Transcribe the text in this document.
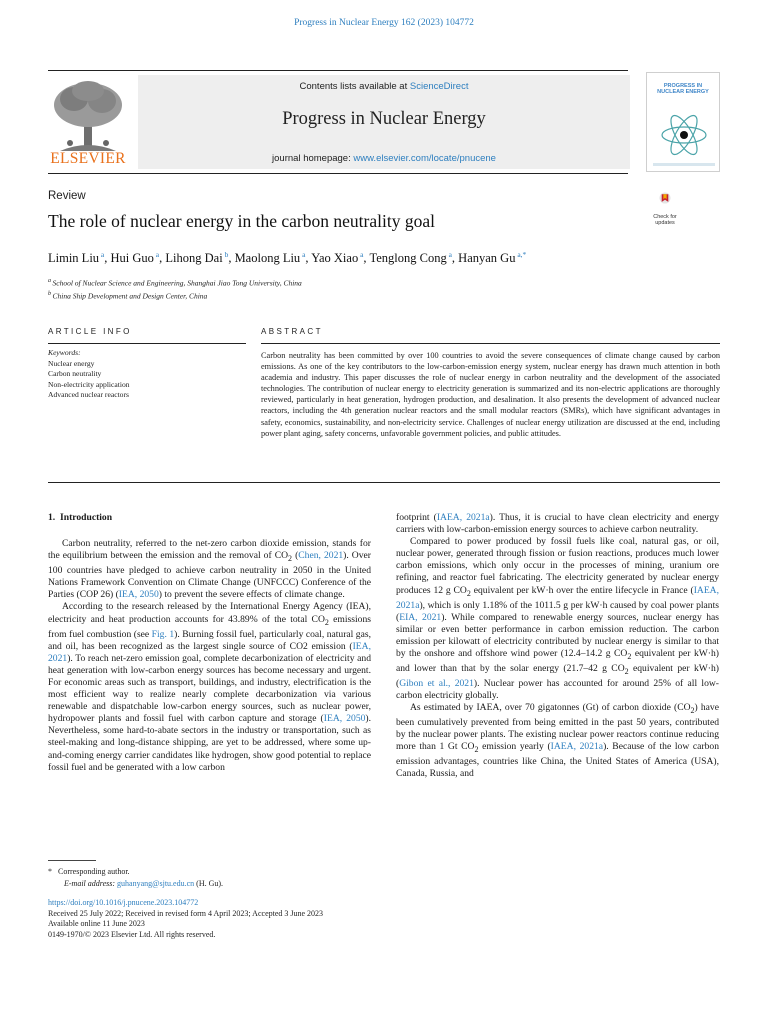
Progress in Nuclear Energy 162 (2023) 104772
ELSEVIER
Contents lists available at ScienceDirect
Progress in Nuclear Energy
journal homepage: www.elsevier.com/locate/pnucene
PROGRESS IN
NUCLEAR ENERGY
Review
The role of nuclear energy in the carbon neutrality goal	Check for
updates
Limin Liu $^a$, Hui Guo $^a$, Lihong Dai $^b$, Maolong Liu $^a$, Yao Xiao $^a$, Tenglong Cong $^a$, Hanyan Gu $^{a,*}$
$^a$ School of Nuclear Science and Engineering, Shanghai Jiao Tong University, China
$^b$ China Ship Development and Design Center, China
ARTICLE INFO	ABSTRACT
Keywords:
Nuclear energy
Carbon neutrality
Non-electricity application
Advanced nuclear reactors
Carbon neutrality has been committed by over 100 countries to avoid the severe consequences of climate change caused by carbon emissions. As one of the key contributors to the low-carbon-emission energy system, nuclear energy has drawn much attention in both academia and industry. This paper discusses the role of nuclear energy in carbon neutrality and the development of the associated technologies. The contribution of nuclear energy to electricity generation is summarized and its non-electric applications are thoroughly reviewed, particularly in heat generation, hydrogen production, and desalination. It also presents the development of advanced nuclear reactors, including the 4th generation nuclear reactors and the small modular reactors (SMRs), which have significant advantages in safety, economics, sustainability, and non-electricity service. Challenges of nuclear energy utilization are discussed at the end, including power plant aging, safety concerns, unfavorable government policies, and public attitudes.
1. Introduction

Carbon neutrality, referred to the net-zero carbon dioxide emission, stands for the equilibrium between the emission and the removal of $CO_2$ (Chen, 2021). Over 100 countries have pledged to achieve carbon neutrality in 2050 in the United Nations Framework Convention on Climate Change (UNFCCC) Conference of the Parties (COP 26) (IEA, 2050) to prevent the severe effects of climate change.

According to the research released by the International Energy Agency (IEA), electricity and heat production accounts for 43.89% of the total $CO_2$ emissions from fuel combustion (see Fig. 1). Burning fossil fuel, particularly coal, natural gas, and oil, has been recognized as the largest single source of CO2 emission (IEA, 2021). To reach net-zero emission goal, complete decarbonization of electricity and heat generation with low-carbon energy sources has become necessary and urgent. For economic areas such as transport, buildings, and industry, electrification is the most efficient way to realize nearly complete decarbonization via various renewable and dispatchable low-carbon energy sources, such as nuclear power, hydropower plants and fossil fuel with carbon capture and storage (IEA, 2050). Nevertheless, some hard-to-abate sectors in the industry or transportation, such as steel-making and long-distance shipping, are yet to be addressed, where some up-and-coming energy carrier candidates like hydrogen, show good potential to replace fossil fuel and be generated with a low carbon

footprint (IAEA, 2021a). Thus, it is crucial to have clean electricity and energy carriers with low-carbon-emission energy sources to achieve carbon neutrality.

Compared to power produced by fossil fuels like coal, natural gas, or oil, nuclear power, generated through fission or fusion reactions, produces much lower carbon emissions, which only occur in the processes of mining, uranium ore refining, and reactor fuel fabricating. The electricity generated by nuclear energy produces 12 g $CO_2$ equivalent per kW·h over the entire lifecycle in France (IAEA, 2021a), which is only 1.18% of the 1011.5 g per kW·h caused by coal power plants (EIA, 2021). While compared to renewable energy sources, nuclear energy has similar or even better performance in carbon emission reduction. The carbon emission per kilowatt of electricity contributed by nuclear energy is similar to that by the onshore and offshore wind power (12.4–14.2 g $CO_2$ equivalent per kW·h) and lower than that by the solar energy (21.7–42 g $CO_2$ equivalent per kW·h) (Gibon et al., 2021). Nuclear power has accounted for around 25% of all low-carbon electricity globally.

As estimated by IAEA, over 70 gigatonnes (Gt) of carbon dioxide $(CO_2)$ have been cumulatively prevented from being emitted in the past 50 years, contributed by the nuclear power plants. The existing nuclear power reactors continue reducing more than 1 Gt $CO_2$ emission yearly (IAEA, 2021a). Because of the low carbon emission advantages, countries like China, the United States of America (USA), Canada, Russia, and

* Corresponding author.
E-mail address: guhanyang@sjtu.edu.cn (H. Gu).
https://doi.org/10.1016/j.pnucene.2023.104772
Received 25 July 2022; Received in revised form 4 April 2023; Accepted 3 June 2023
Available online 11 June 2023
0149-1970/© 2023 Elsevier Ltd. All rights reserved.
